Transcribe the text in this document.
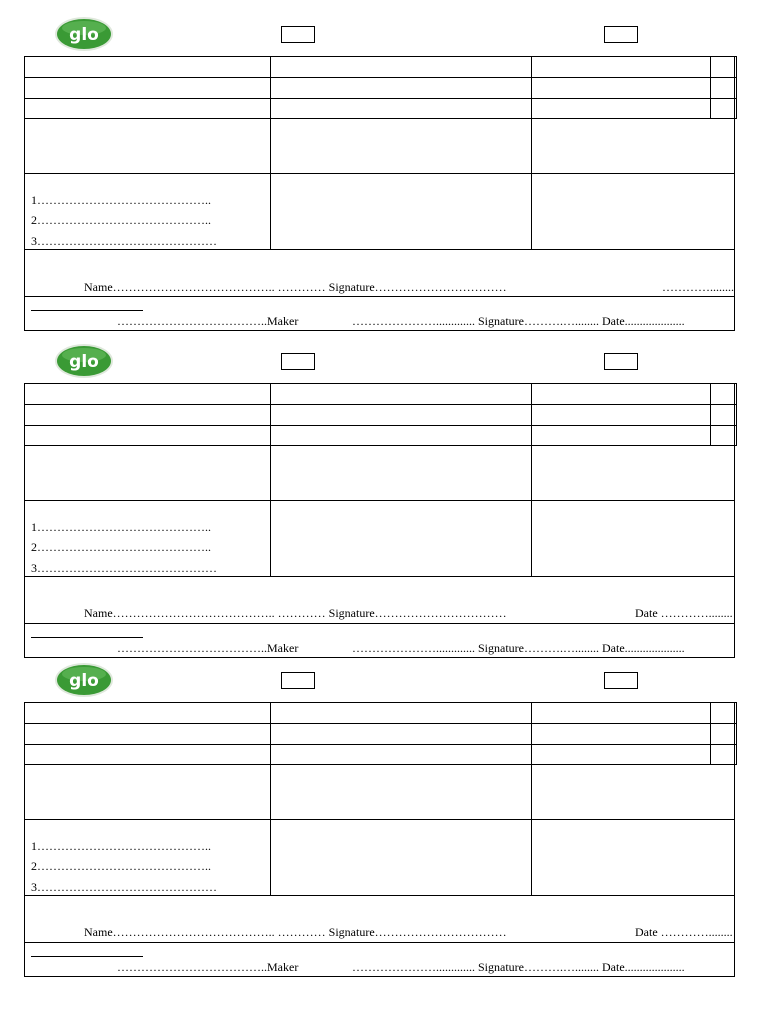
glo
1……………………………………..
2……………………………………..
3………………………………………
Name………………………………….. ………… Signature……………………………	…………........
………………………………..Maker	…………………............. Signature……….…........ Date....................
glo
1……………………………………..
2……………………………………..
3………………………………………
Name………………………………….. ………… Signature……………………………	Date …………........
………………………………..Maker	…………………............. Signature……….…........ Date....................
glo
1……………………………………..
2……………………………………..
3………………………………………
Name………………………………….. ………… Signature……………………………	Date …………........
………………………………..Maker	…………………............. Signature……….…........ Date....................
